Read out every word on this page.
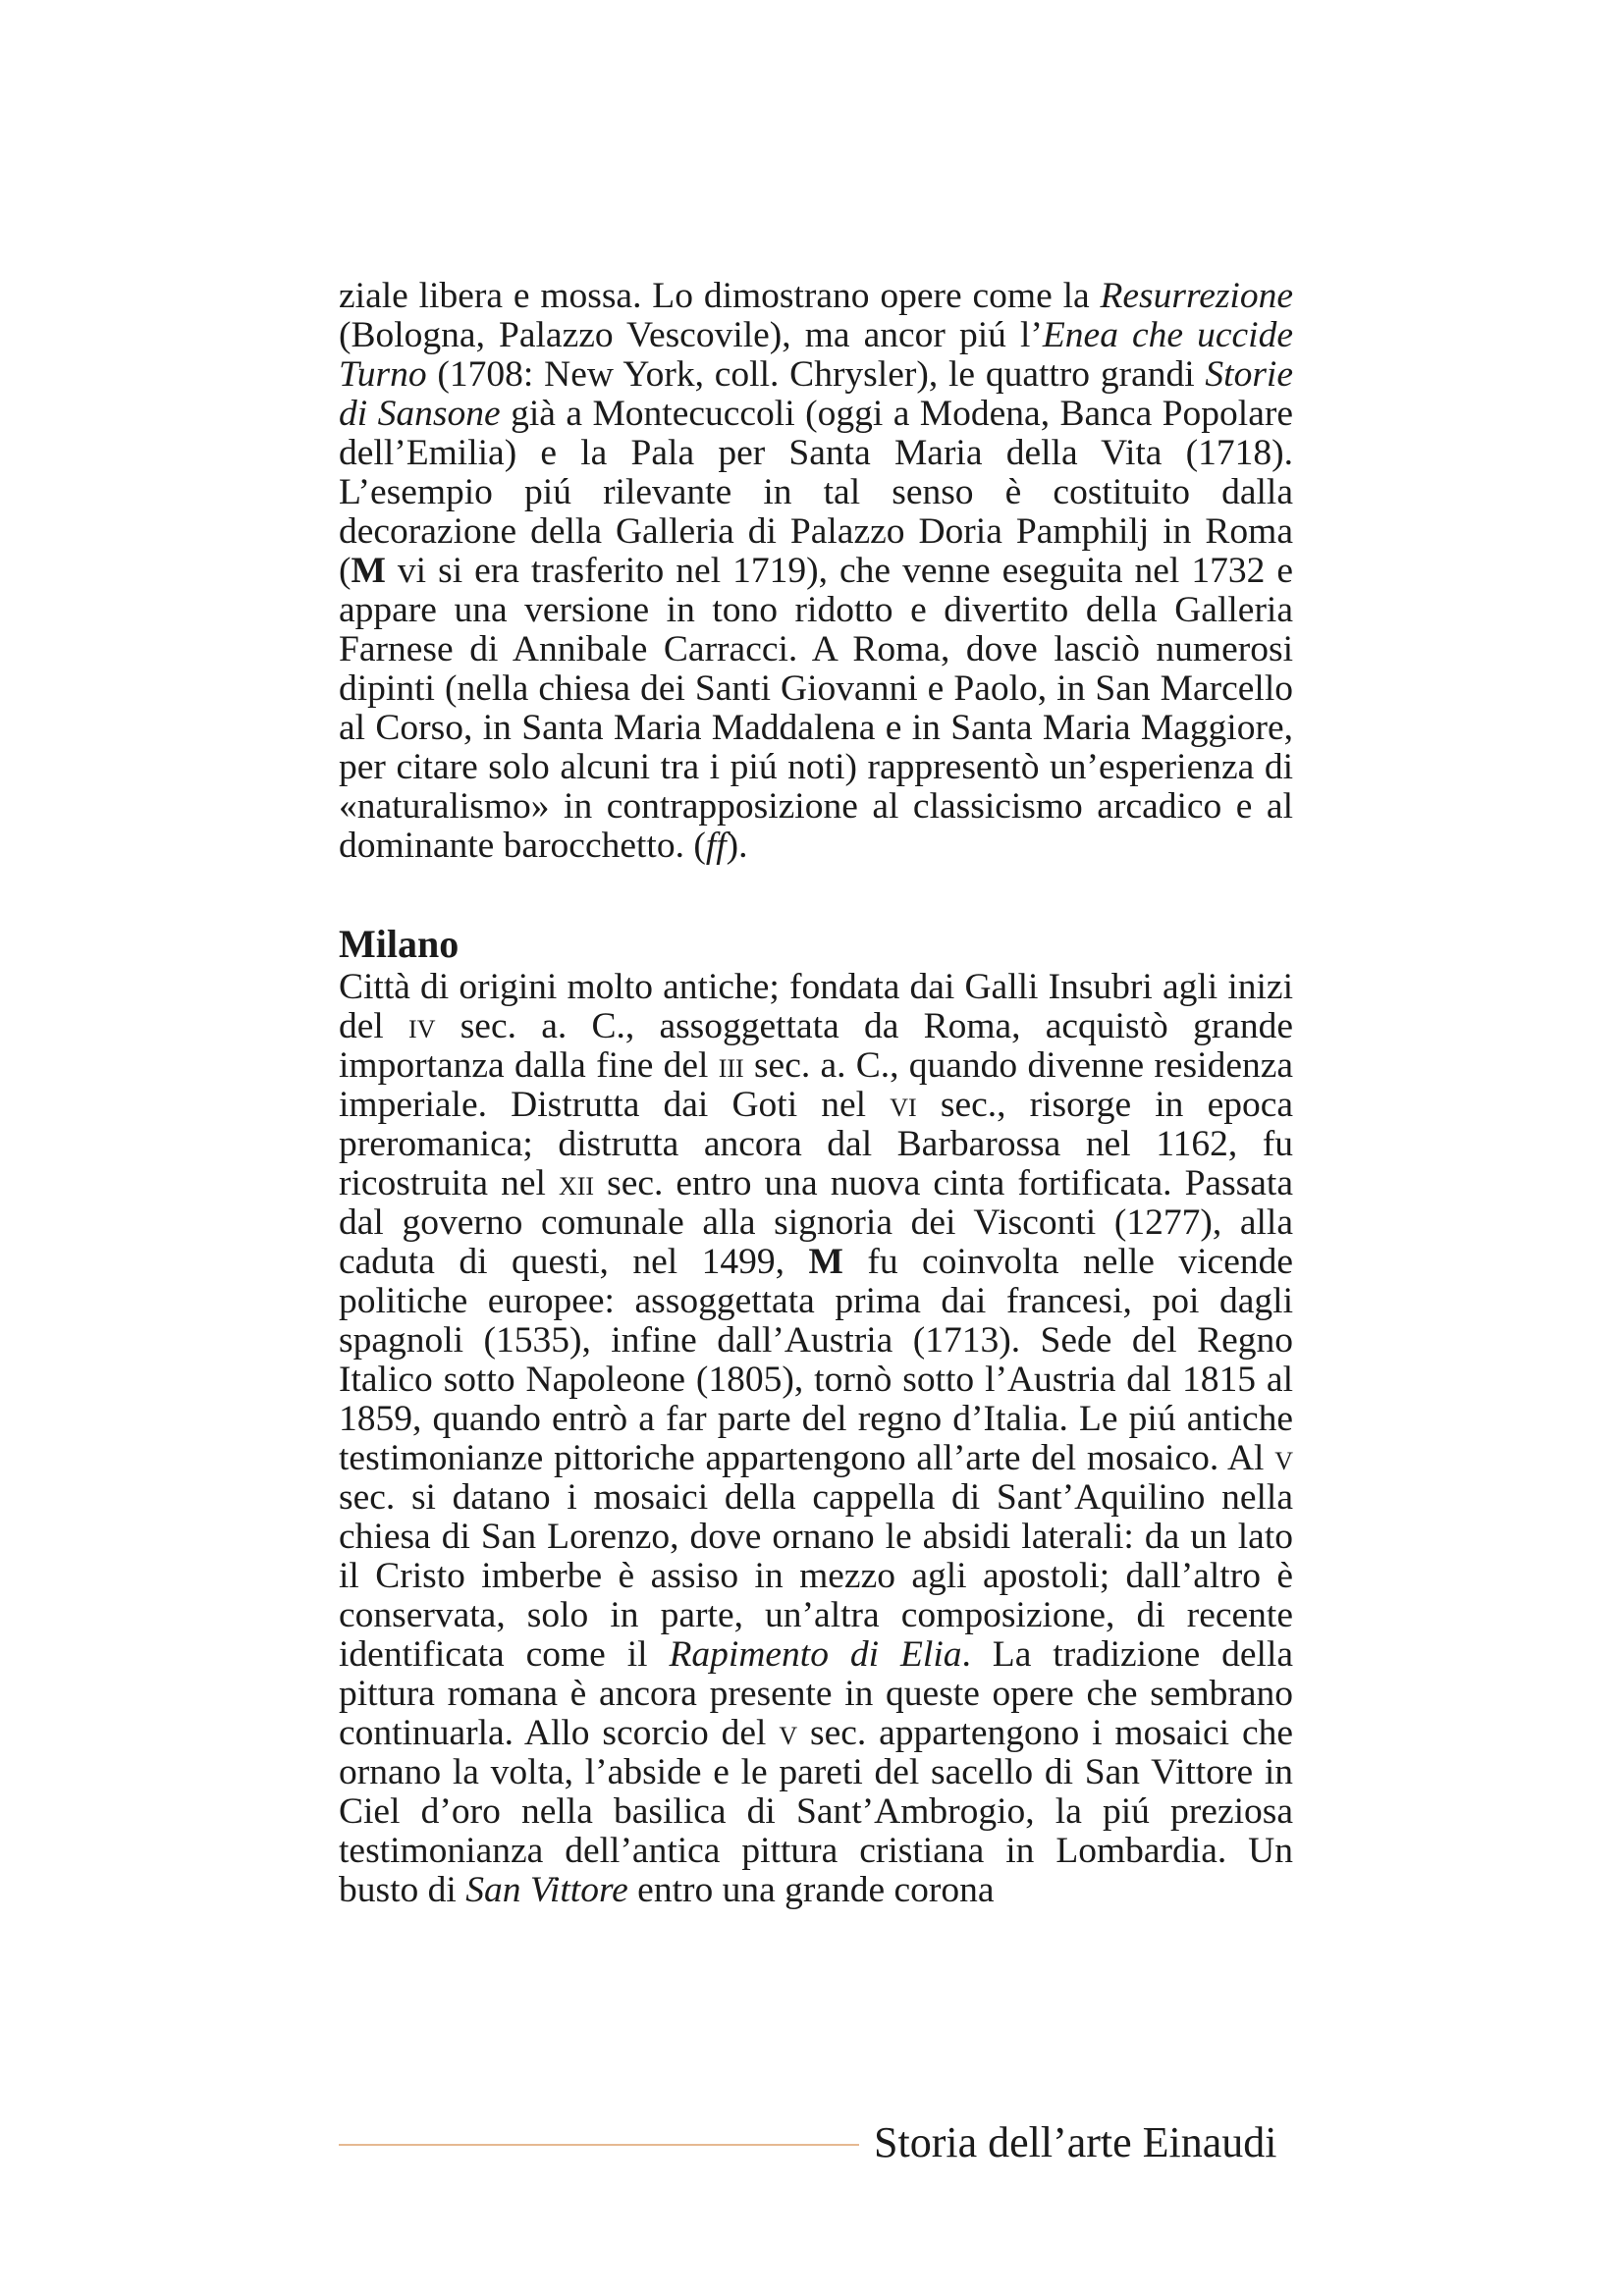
ziale libera e mossa. Lo dimostrano opere come la Resurrezione (Bologna, Palazzo Vescovile), ma ancor piú l’Enea che uccide Turno (1708: New York, coll. Chrysler), le quattro grandi Storie di Sansone già a Montecuccoli (oggi a Modena, Banca Popolare dell’Emilia) e la Pala per Santa Maria della Vita (1718). L’esempio piú rilevante in tal senso è costituito dalla decorazione della Galleria di Palazzo Doria Pamphilj in Roma (M vi si era trasferito nel 1719), che venne eseguita nel 1732 e appare una versione in tono ridotto e divertito della Galleria Farnese di Annibale Carracci. A Roma, dove lasciò numerosi dipinti (nella chiesa dei Santi Giovanni e Paolo, in San Marcello al Corso, in Santa Maria Maddalena e in Santa Maria Maggiore, per citare solo alcuni tra i piú noti) rappresentò un’esperienza di «naturalismo» in contrapposizione al classicismo arcadico e al dominante barocchetto. (ff).

Milano

Città di origini molto antiche; fondata dai Galli Insubri agli inizi del iv sec. a. C., assoggettata da Roma, acquistò grande importanza dalla fine del iii sec. a. C., quando divenne residenza imperiale. Distrutta dai Goti nel vi sec., risorge in epoca preromanica; distrutta ancora dal Barbarossa nel 1162, fu ricostruita nel xii sec. entro una nuova cinta fortificata. Passata dal governo comunale alla signoria dei Visconti (1277), alla caduta di questi, nel 1499, M fu coinvolta nelle vicende politiche europee: assoggettata prima dai francesi, poi dagli spagnoli (1535), infine dall’Austria (1713). Sede del Regno Italico sotto Napoleone (1805), tornò sotto l’Austria dal 1815 al 1859, quando entrò a far parte del regno d’Italia. Le piú antiche testimonianze pittoriche appartengono all’arte del mosaico. Al v sec. si datano i mosaici della cappella di Sant’Aquilino nella chiesa di San Lorenzo, dove ornano le absidi laterali: da un lato il Cristo imberbe è assiso in mezzo agli apostoli; dall’altro è conservata, solo in parte, un’altra composizione, di recente identificata come il Rapimento di Elia. La tradizione della pittura romana è ancora presente in queste opere che sembrano continuarla. Allo scorcio del v sec. appartengono i mosaici che ornano la volta, l’abside e le pareti del sacello di San Vittore in Ciel d’oro nella basilica di Sant’Ambrogio, la piú preziosa testimonianza dell’antica pittura cristiana in Lombardia. Un busto di San Vittore entro una grande corona

Storia dell’arte Einaudi
